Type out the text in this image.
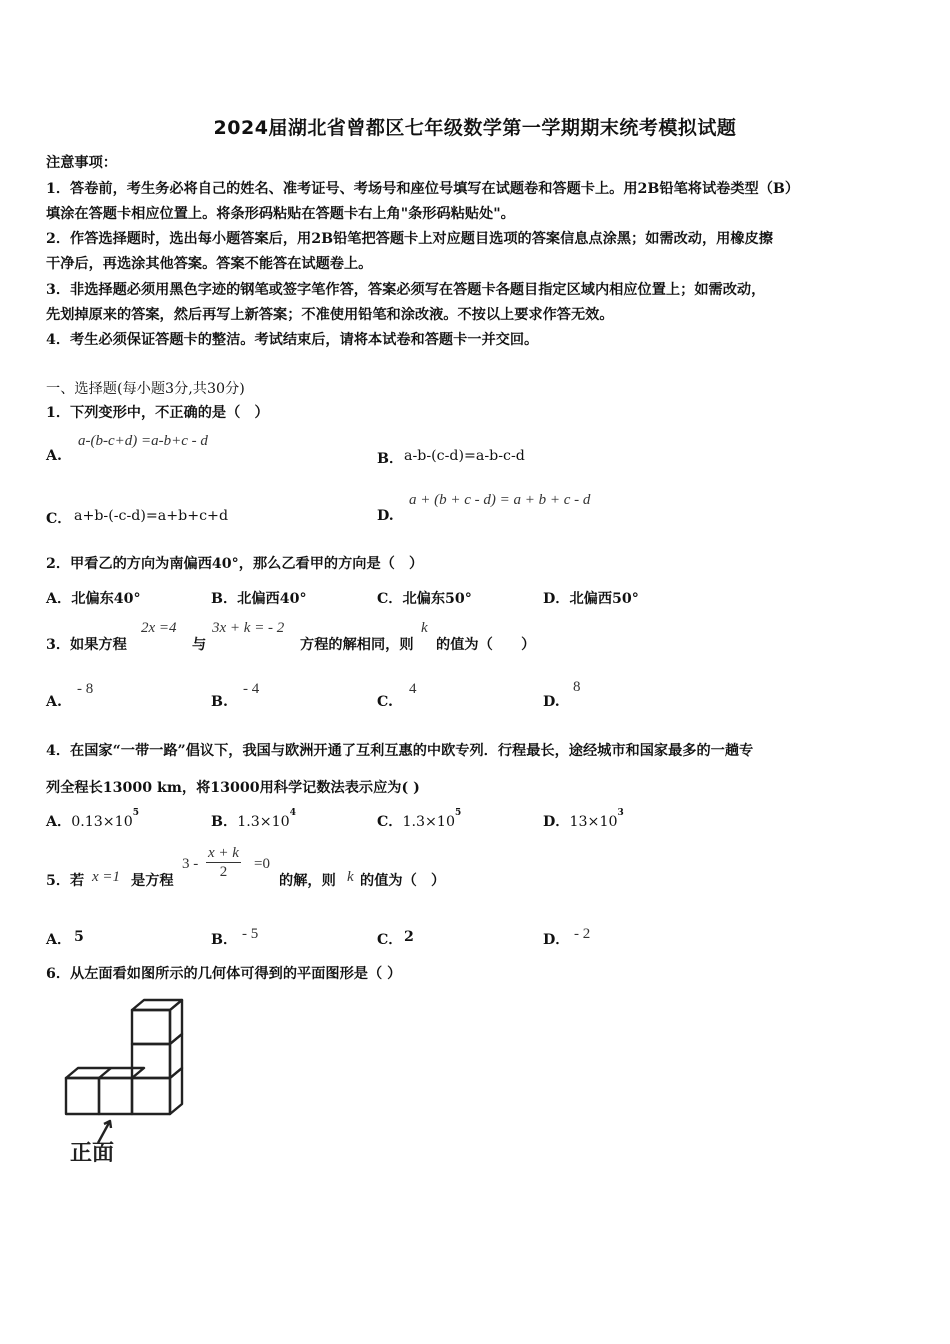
2024届湖北省曾都区七年级数学第一学期期末统考模拟试题
注意事项：
1．答卷前，考生务必将自己的姓名、准考证号、考场号和座位号填写在试题卷和答题卡上。用2B铅笔将试卷类型（B）
填涂在答题卡相应位置上。将条形码粘贴在答题卡右上角"条形码粘贴处"。
2．作答选择题时，选出每小题答案后，用2B铅笔把答题卡上对应题目选项的答案信息点涂黑；如需改动，用橡皮擦
干净后，再选涂其他答案。答案不能答在试题卷上。
3．非选择题必须用黑色字迹的钢笔或签字笔作答，答案必须写在答题卡各题目指定区域内相应位置上；如需改动，
先划掉原来的答案，然后再写上新答案；不准使用铅笔和涂改液。不按以上要求作答无效。
4．考生必须保证答题卡的整洁。考试结束后，请将本试卷和答题卡一并交回。
一、选择题(每小题3分,共30分)
1．下列变形中，不正确的是（　）
A.
a-(b-c+d) =a-b+c - d
B． a-b-(c-d)=a-b-c-d
C． a+b-(-c-d)=a+b+c+d	D.
a + (b + c - d) = a + b + c - d
2．甲看乙的方向为南偏西40°，那么乙看甲的方向是（　）
A．北偏东40°	B．北偏西40°	C．北偏东50°	D．北偏西50°
3．如果方程
2x =4
与
3x + k = - 2
方程的解相同，则
k
的值为（　　）
A.
- 8
B.
- 4
C.
4
D.
8
4．在国家“一带一路”倡议下，我国与欧洲开通了互利互惠的中欧专列．行程最长，途经城市和国家最多的一趟专
列全程长13000 km，将13000用科学记数法表示应为( )
A．$0.13\times 10^5$
B．$1.3\times 10^4$
C．$1.3\times 10^5$
D．$13\times 10^3$
5．若 x =1 是方程
$3 - \frac{x + k}{2} =0$
的解，则 k 的值为（　）
A． 5	B． - 5	C． 2	D． - 2
6．从左面看如图所示的几何体可得到的平面图形是（ ）
正面
